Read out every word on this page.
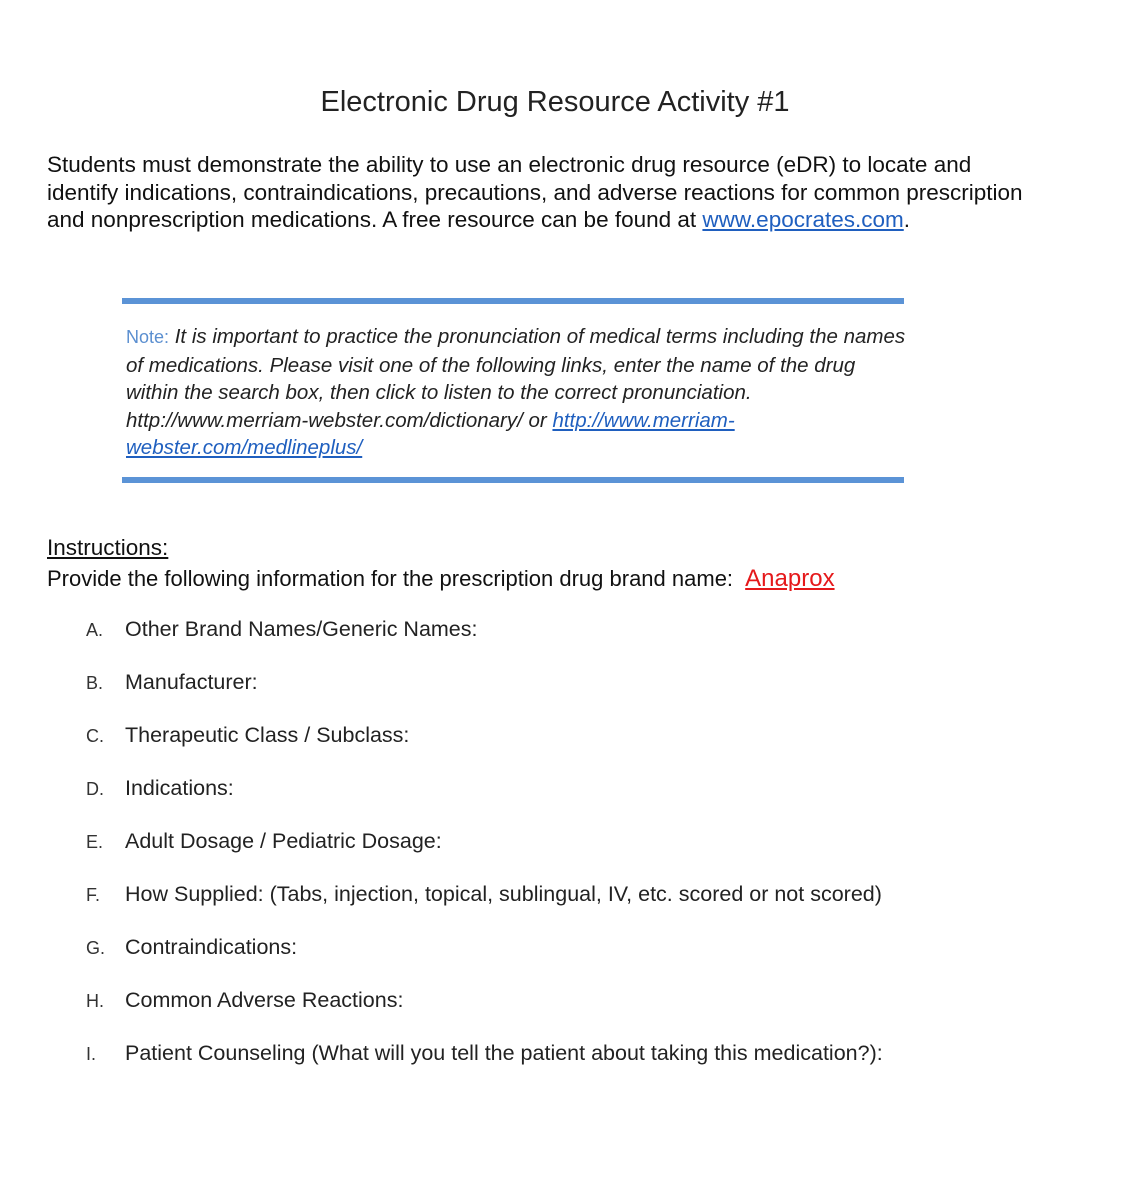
Electronic Drug Resource Activity #1
Students must demonstrate the ability to use an electronic drug resource (eDR) to locate and identify indications, contraindications, precautions, and adverse reactions for common prescription and nonprescription medications. A free resource can be found at www.epocrates.com.
Note: It is important to practice the pronunciation of medical terms including the names of medications. Please visit one of the following links, enter the name of the drug within the search box, then click to listen to the correct pronunciation. http://www.merriam-webster.com/dictionary/ or http://www.merriam-webster.com/medlineplus/
Instructions:
Provide the following information for the prescription drug brand name: Anaprox
A. Other Brand Names/Generic Names:
B. Manufacturer:
C. Therapeutic Class / Subclass:
D. Indications:
E. Adult Dosage / Pediatric Dosage:
F. How Supplied: (Tabs, injection, topical, sublingual, IV, etc. scored or not scored)
G. Contraindications:
H. Common Adverse Reactions:
I. Patient Counseling (What will you tell the patient about taking this medication?):
